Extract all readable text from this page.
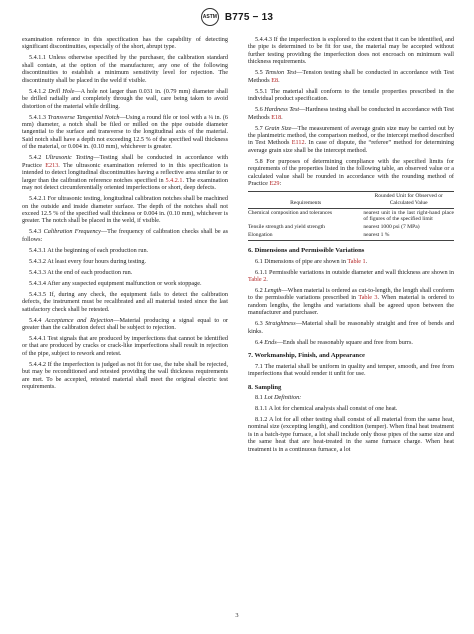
ASTM B775 − 13

examination reference in this specification has the capability of detecting significant discontinuities, especially of the short, abrupt type.

5.4.1.1 Unless otherwise specified by the purchaser, the calibration standard shall contain, at the option of the manufacturer, any one of the following discontinuities to establish a minimum sensitivity level for rejection. The discontinuity shall be placed in the weld if visible.

5.4.1.2 Drill Hole—A hole not larger than 0.031 in. (0.79 mm) diameter shall be drilled radially and completely through the wall, care being taken to avoid distortion of the material while drilling.

5.4.1.3 Transverse Tangential Notch—Using a round file or tool with a ¼ in. (6 mm) diameter, a notch shall be filed or milled on the pipe outside diameter tangential to the surface and transverse to the longitudinal axis of the material. Said notch shall have a depth not exceeding 12.5 % of the specified wall thickness of the material, or 0.004 in. (0.10 mm), whichever is greater.

5.4.2 Ultrasonic Testing—Testing shall be conducted in accordance with Practice E213. The ultrasonic examination referred to in this specification is intended to detect longitudinal discontinuities having a reflective area similar to or larger than the calibration reference notches specified in 5.4.2.1. The examination may not detect circumferentially oriented imperfections or short, deep defects.

5.4.2.1 For ultrasonic testing, longitudinal calibration notches shall be machined on the outside and inside diameter surface. The depth of the notches shall not exceed 12.5 % of the specified wall thickness or 0.004 in. (0.10 mm), whichever is greater. The notch shall be placed in the weld, if visible.

5.4.3 Calibration Frequency—The frequency of calibration checks shall be as follows:

5.4.3.1 At the beginning of each production run.

5.4.3.2 At least every four hours during testing.

5.4.3.3 At the end of each production run.

5.4.3.4 After any suspected equipment malfunction or work stoppage.

5.4.3.5 If, during any check, the equipment fails to detect the calibration defects, the instrument must be recalibrated and all material tested since the last satisfactory check shall be retested.

5.4.4 Acceptance and Rejection—Material producing a signal equal to or greater than the calibration defect shall be subject to rejection.

5.4.4.1 Test signals that are produced by imperfections that cannot be identified or that are produced by cracks or crack-like imperfections shall result in rejection of the pipe, subject to rework and retest.

5.4.4.2 If the imperfection is judged as not fit for use, the tube shall be rejected, but may be reconditioned and retested providing the wall thickness requirements are met. To be accepted, retested material shall meet the original electric test requirements.

5.4.4.3 If the imperfection is explored to the extent that it can be identified, and the pipe is determined to be fit for use, the material may be accepted without further testing providing the imperfection does not encroach on minimum wall thickness requirements.

5.5 Tension Test—Tension testing shall be conducted in accordance with Test Methods E8.

5.5.1 The material shall conform to the tensile properties prescribed in the individual product specification.

5.6 Hardness Test—Hardness testing shall be conducted in accordance with Test Methods E18.

5.7 Grain Size—The measurement of average grain size may be carried out by the planimetric method, the comparison method, or the intercept method described in Test Methods E112. In case of dispute, the “referee” method for determining average grain size shall be the intercept method.

5.8 For purposes of determining compliance with the specified limits for requirements of the properties listed in the following table, an observed value or a calculated value shall be rounded in accordance with the rounding method of Practice E29:

Requirements	Rounded Unit for Observed or Calculated Value
Chemical composition and tolerances	nearest unit in the last right-hand place of figures of the specified limit
Tensile strength and yield strength	nearest 1000 psi (7 MPa)
Elongation	nearest 1 %
6. Dimensions and Permissible Variations

6.1 Dimensions of pipe are shown in Table 1.

6.1.1 Permissible variations in outside diameter and wall thickness are shown in Table 2.

6.2 Length—When material is ordered as cut-to-length, the length shall conform to the permissible variations prescribed in Table 3. When material is ordered to random lengths, the lengths and variations shall be agreed upon between the manufacturer and purchaser.

6.3 Straightness—Material shall be reasonably straight and free of bends and kinks.

6.4 Ends—Ends shall be reasonably square and free from burrs.

7. Workmanship, Finish, and Appearance

7.1 The material shall be uniform in quality and temper, smooth, and free from imperfections that would render it unfit for use.

8. Sampling

8.1 Lot Definition:

8.1.1 A lot for chemical analysis shall consist of one heat.

8.1.2 A lot for all other testing shall consist of all material from the same heat, nominal size (excepting length), and condition (temper). When final heat treatment is in a batch-type furnace, a lot shall include only those pipes of the same size and the same heat that are heat-treated in the same furnace charge. When heat treatment is in a continuous furnace, a lot

3
